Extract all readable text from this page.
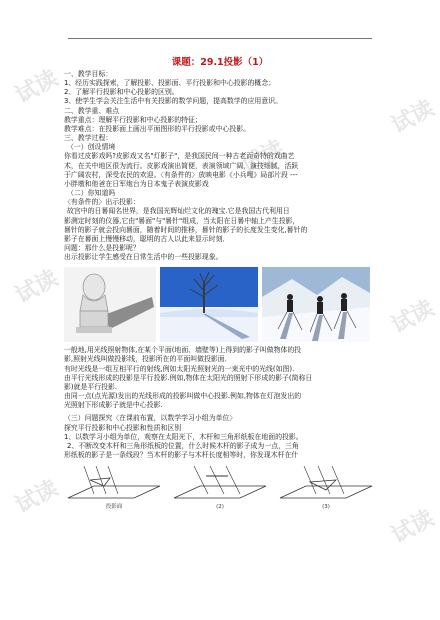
试读
试读
试读
试读
试读
试读
试读
课题：29.1投影（1）

一、教学目标：

1、经历实践探索，了解投影、投影面、平行投影和中心投影的概念；

2、了解平行投影和中心投影的区别。

3、使学生学会关注生活中有关投影的数学问题，提高数学的应用意识。

二、教学重、难点

教学重点：理解平行投影和中心投影的特征；

教学难点：在投影面上画出平面图形的平行投影或中心投影。

三、教学过程：

（一）创设情境

你看过皮影戏吗?皮影戏又名"灯影子"，是我国民间一种古老而奇特的戏曲艺

术，在关中地区很为流行。皮影戏演出简便，表演领域广阔，演技细腻，活跃

于广阔农村，深受农民的欢迎。〈有条件的〉放映电影《小兵嘎》局部片段 ---

小胖墩和他爸在日军炮台为日本鬼子表演皮影戏

（二）你知道吗

〈有条件的〉出示投影：

故宫中的日晷闻名世界，是我国光辉灿烂文化的瑰宝.它是我国古代利用日

影测定时刻的仪器,它由"晷面"与"晷针"组成，当太阳在日晷中轴上产生投影，

晷针的影子就会投向晷面，随着时间的推移，晷针的影子的长度发生变化,晷针的

影子在晷面上慢慢移动，聪明的古人以此来显示时刻．

问题：那什么是投影呢？

出示投影让学生感受在日常生活中的一些投影现象。

一般地,用光线照射物体,在某个平面(地面、墙壁等)上得到的影子叫做物体的投

影,照射光线叫做投影线，投影所在的平面叫做投影面．

有时光线是一组互相平行的射线,例如太阳光照射光的一束光中的光线(如图).

由平行光线形成的投影是平行投影.例如,物体在太阳光的照射下形成的影子(简称日

影)就是平行投影.

由同一点(点光源)发出的光线形成的投影叫做中心投影.例如,物体在灯泡发出的

光照射下形成影子就是中心投影.

（三）问题探究〈在课前布置，以数学学习小组为单位〉

探究平行投影和中心投影和性质和区别

1、以数学习小组为单位，观察在太阳光下，木杆和三角形纸板在地面的投影。

2、不断改变木杆和三角形纸板的位置，什么时候木杆的影子成为一点，三角

形纸板的影子是一条线段？当木杆的影子与木杆长度相等时，你发现木杆在什

投影面	(2)	(3)
